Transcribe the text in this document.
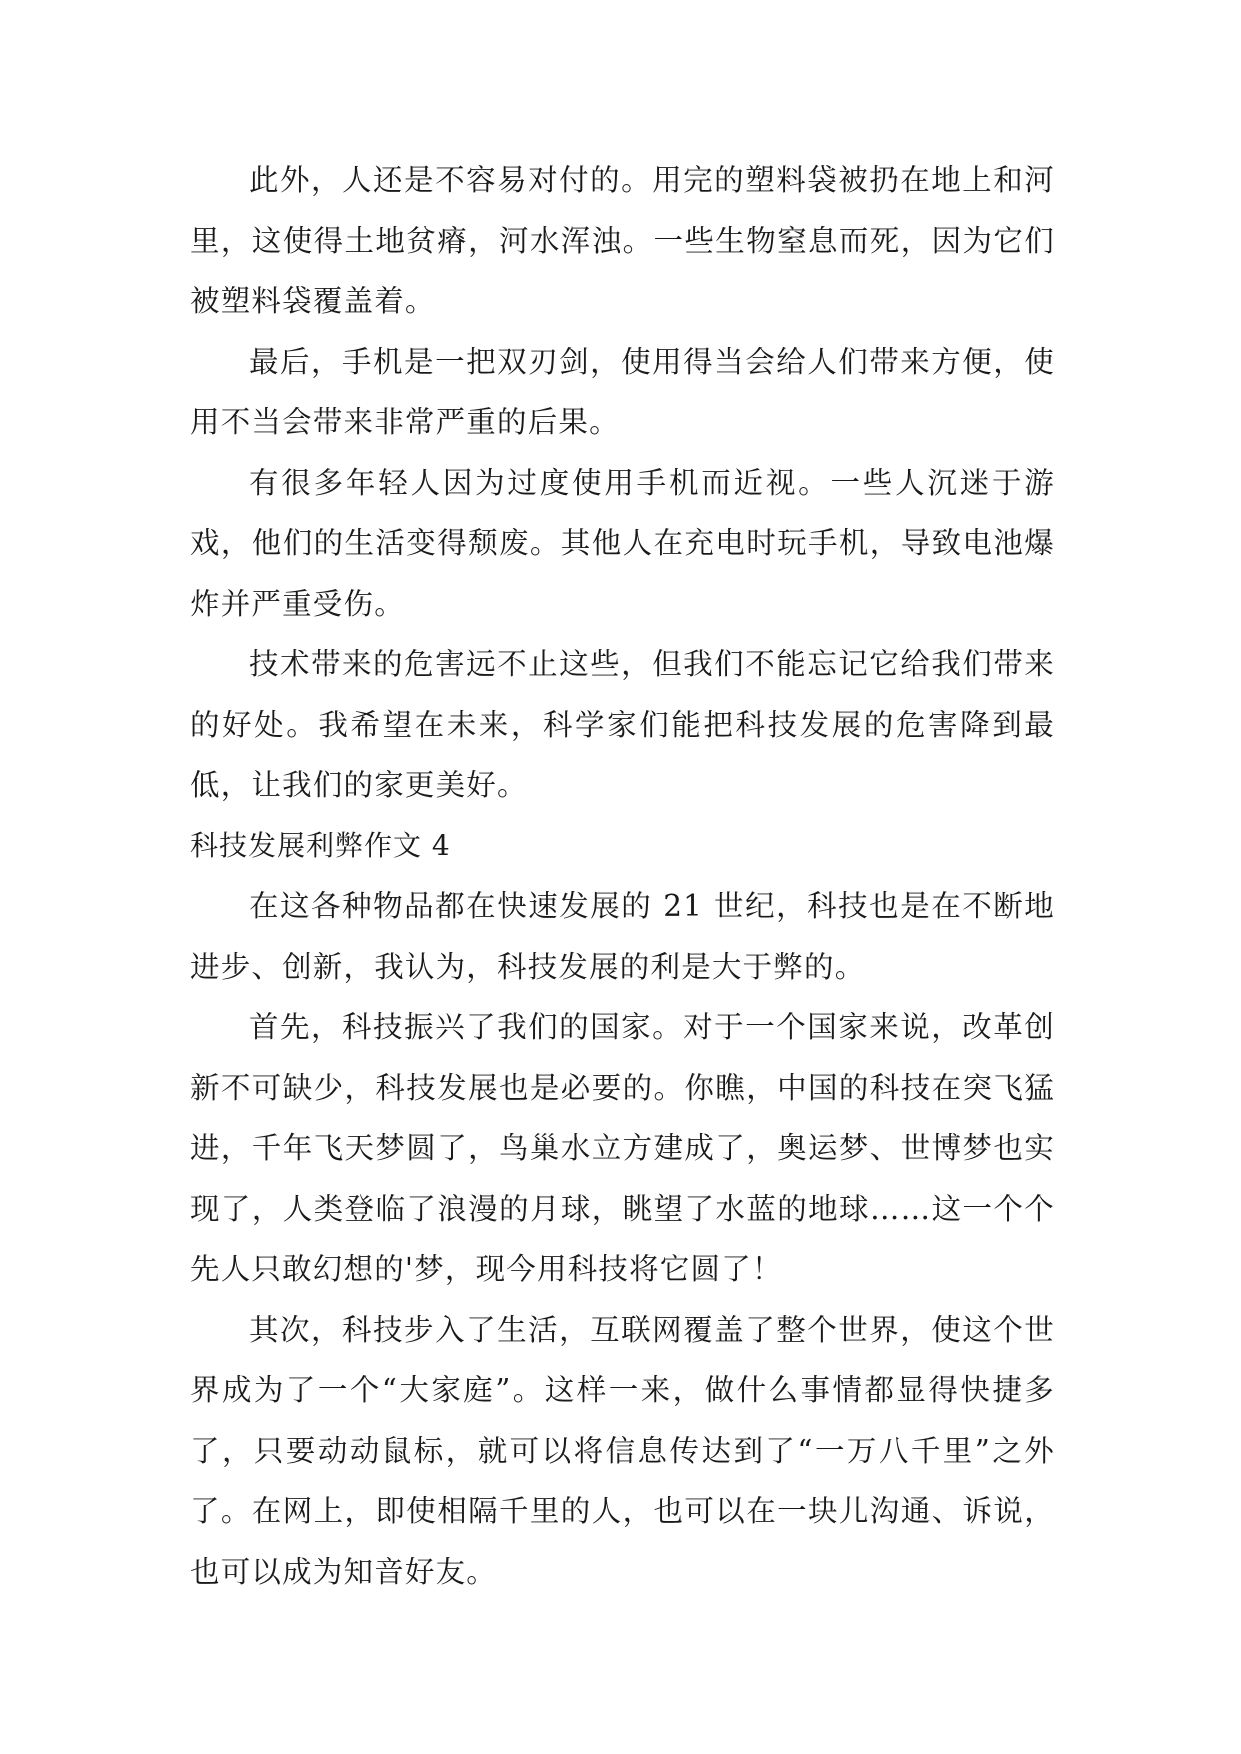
此外，人还是不容易对付的。用完的塑料袋被扔在地上和河里，这使得土地贫瘠，河水浑浊。一些生物窒息而死，因为它们被塑料袋覆盖着。

最后，手机是一把双刃剑，使用得当会给人们带来方便，使用不当会带来非常严重的后果。

有很多年轻人因为过度使用手机而近视。一些人沉迷于游戏，他们的生活变得颓废。其他人在充电时玩手机，导致电池爆炸并严重受伤。

技术带来的危害远不止这些，但我们不能忘记它给我们带来的好处。我希望在未来，科学家们能把科技发展的危害降到最低，让我们的家更美好。

科技发展利弊作文 4

在这各种物品都在快速发展的 21 世纪，科技也是在不断地进步、创新，我认为，科技发展的利是大于弊的。

首先，科技振兴了我们的国家。对于一个国家来说，改革创新不可缺少，科技发展也是必要的。你瞧，中国的科技在突飞猛进，千年飞天梦圆了，鸟巢水立方建成了，奥运梦、世博梦也实现了，人类登临了浪漫的月球，眺望了水蓝的地球……这一个个先人只敢幻想的'梦，现今用科技将它圆了！

其次，科技步入了生活，互联网覆盖了整个世界，使这个世界成为了一个“大家庭”。这样一来，做什么事情都显得快捷多了，只要动动鼠标，就可以将信息传达到了“一万八千里”之外了。在网上，即使相隔千里的人，也可以在一块儿沟通、诉说，也可以成为知音好友。
